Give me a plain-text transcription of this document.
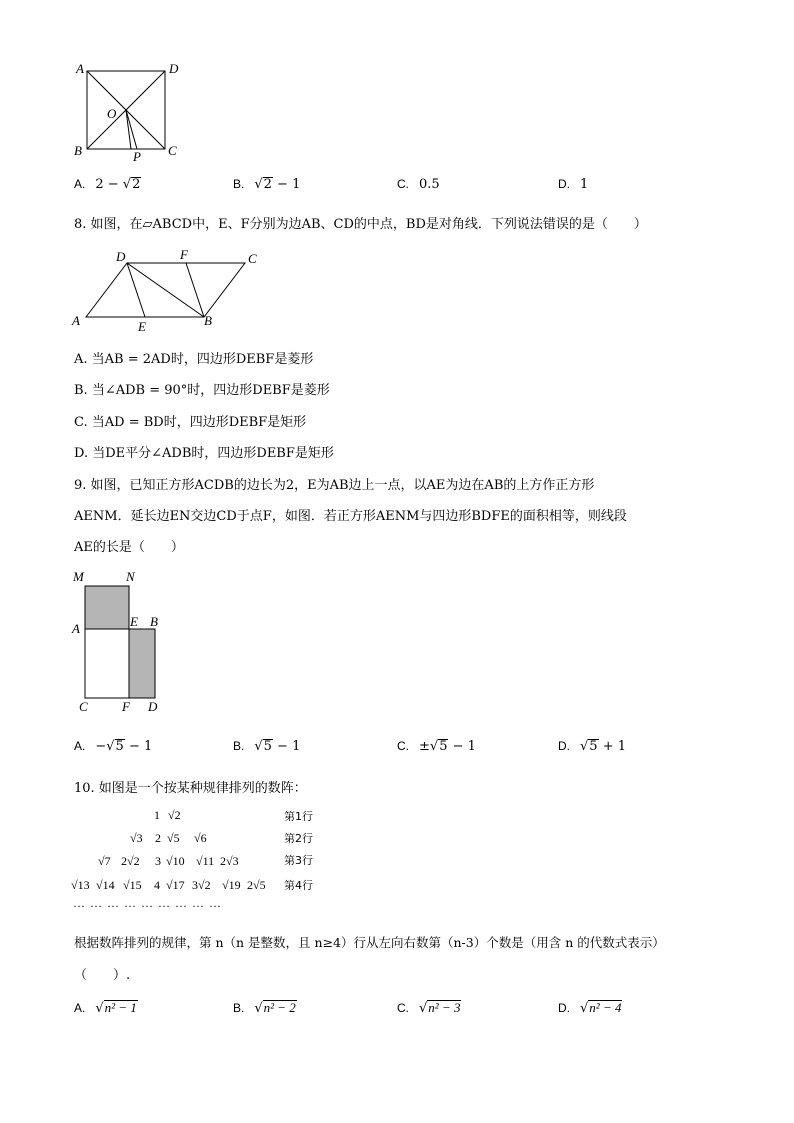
A	D
B	C
O
P
A. 2 − √2	B. √2 − 1	C. 0.5	D. 1
8. 如图，在▱ABCD中，E、F分别为边AB、CD的中点，BD是对角线．下列说法错误的是（　　）
D	F	C
A	E	B
A. 当AB = 2AD时，四边形DEBF是菱形
B. 当∠ADB = 90°时，四边形DEBF是菱形
C. 当AD = BD时，四边形DEBF是矩形
D. 当DE平分∠ADB时，四边形DEBF是矩形
9. 如图，已知正方形ACDB的边长为2，E为AB边上一点，以AE为边在AB的上方作正方形
AENM．延长边EN交边CD于点F，如图．若正方形AENM与四边形BDFE的面积相等，则线段
AE的长是（　　）
M	N
A	E B
C	F D
A. −√5 − 1	B. √5 − 1	C. ±√5 − 1	D. √5 + 1
10. 如图是一个按某种规律排列的数阵：
1 √2
√3 2 √5 √6
√7 2√2 3 √10 √11 2√3
√13 √14 √15 4 √17 3√2 √19 2√5
… … … … … … … … …
第1行
第2行
第3行
第4行
根据数阵排列的规律，第 n（n 是整数，且 n≥4）行从左向右数第（n-3）个数是（用含 n 的代数式表示）
（　　）.
A. √n² − 1	B. √n² − 2	C. √n² − 3	D. √n² − 4
